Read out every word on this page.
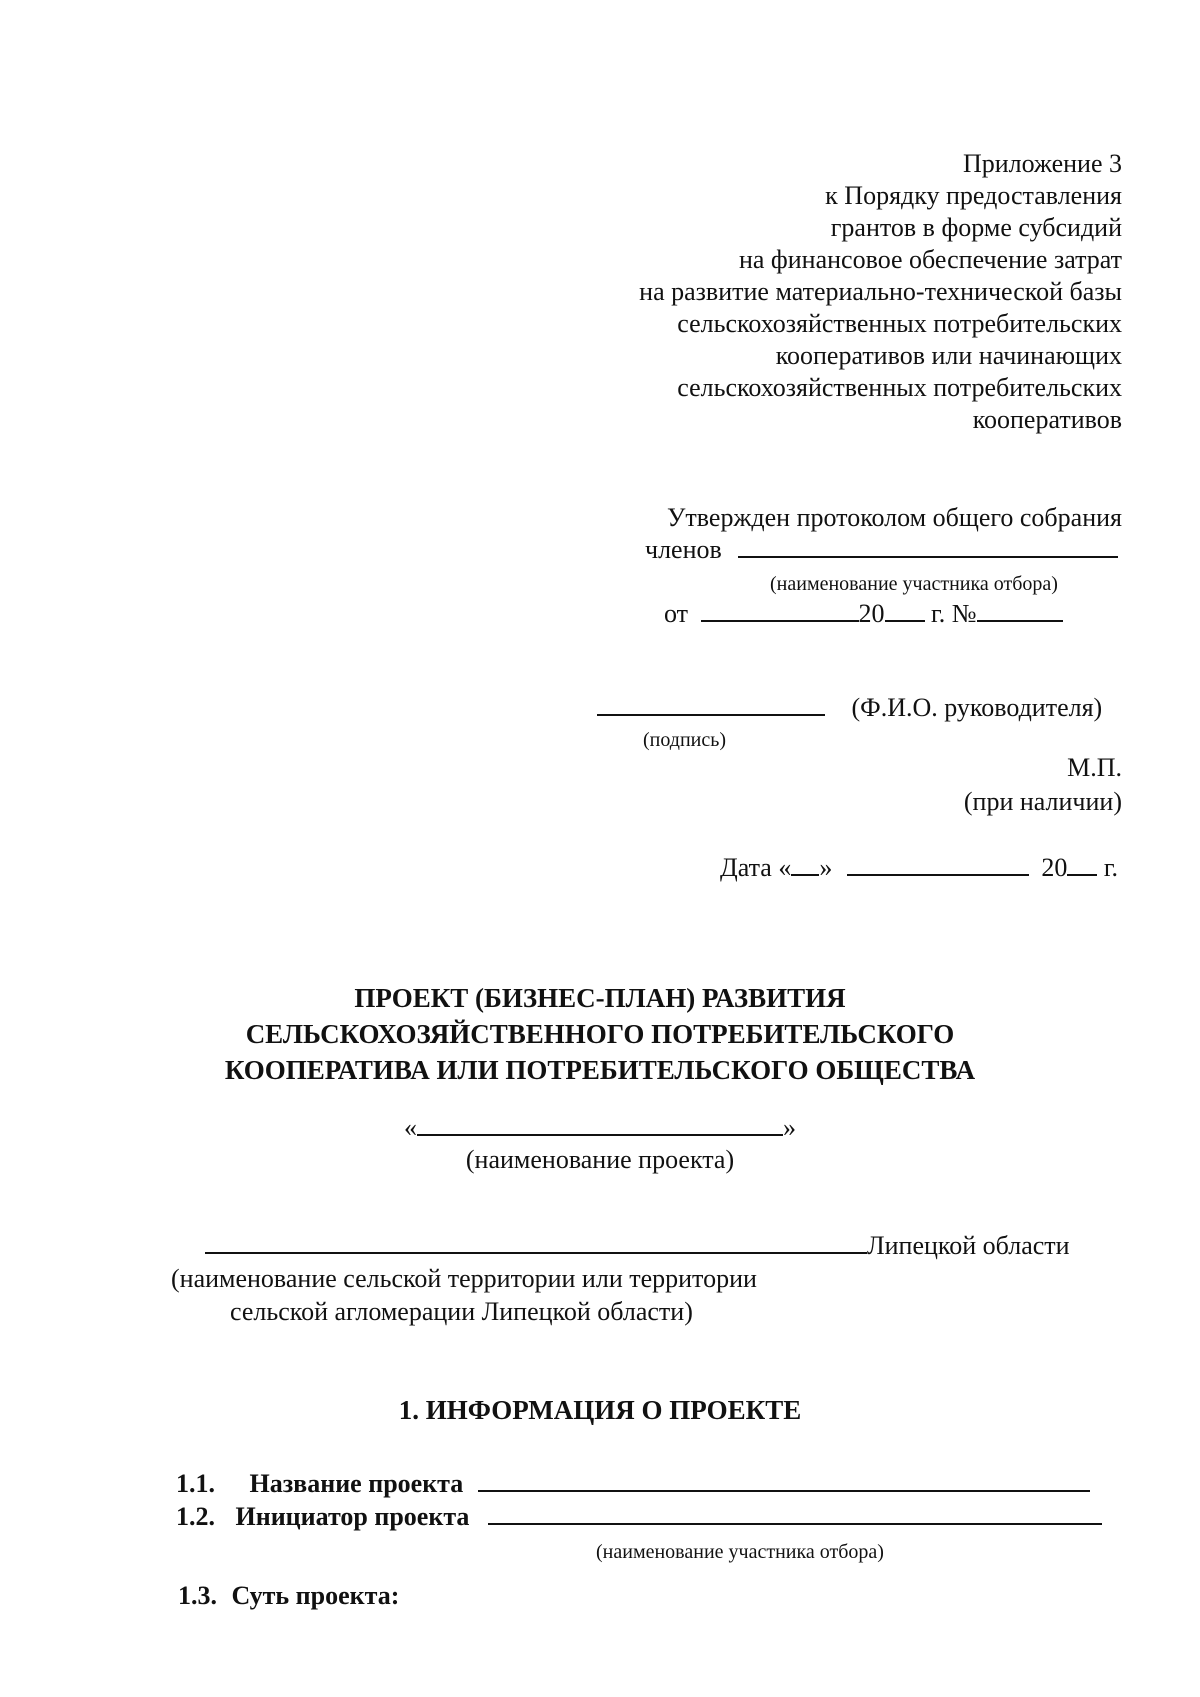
Приложение 3
к Порядку предоставления
грантов в форме субсидий
на финансовое обеспечение затрат
на развитие материально-технической базы
сельскохозяйственных потребительских
кооперативов или начинающих
сельскохозяйственных потребительских
кооперативов
Утвержден протоколом общего собрания
членов
(наименование участника отбора)
от	20 г. №
(Ф.И.О. руководителя)
(подпись)
М.П.
(при наличии)
Дата « »	20 г.
ПРОЕКТ (БИЗНЕС-ПЛАН) РАЗВИТИЯ
СЕЛЬСКОХОЗЯЙСТВЕННОГО ПОТРЕБИТЕЛЬСКОГО
КООПЕРАТИВА ИЛИ ПОТРЕБИТЕЛЬСКОГО ОБЩЕСТВА
«	»
(наименование проекта)
Липецкой области
(наименование сельской территории или территории
сельской агломерации Липецкой области)
1. ИНФОРМАЦИЯ О ПРОЕКТЕ
1.1. Название проекта
1.2. Инициатор проекта
(наименование участника отбора)
1.3. Суть проекта:
